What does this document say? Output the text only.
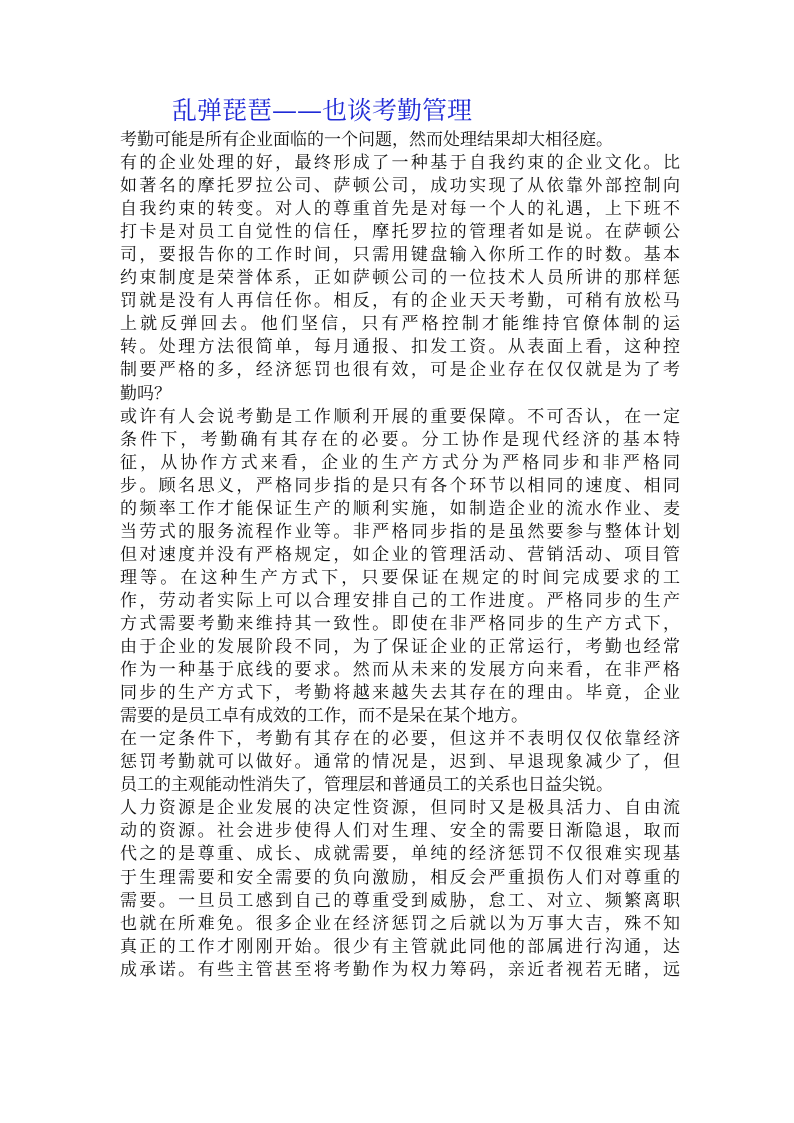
乱弹琵琶——也谈考勤管理
考勤可能是所有企业面临的一个问题，然而处理结果却大相径庭。
有的企业处理的好，最终形成了一种基于自我约束的企业文化。比
如著名的摩托罗拉公司、萨顿公司，成功实现了从依靠外部控制向
自我约束的转变。对人的尊重首先是对每一个人的礼遇，上下班不
打卡是对员工自觉性的信任，摩托罗拉的管理者如是说。在萨顿公
司，要报告你的工作时间，只需用键盘输入你所工作的时数。基本
约束制度是荣誉体系，正如萨顿公司的一位技术人员所讲的那样惩
罚就是没有人再信任你。相反，有的企业天天考勤，可稍有放松马
上就反弹回去。他们坚信，只有严格控制才能维持官僚体制的运
转。处理方法很简单，每月通报、扣发工资。从表面上看，这种控
制要严格的多，经济惩罚也很有效，可是企业存在仅仅就是为了考
勤吗？
或许有人会说考勤是工作顺利开展的重要保障。不可否认，在一定
条件下，考勤确有其存在的必要。分工协作是现代经济的基本特
征，从协作方式来看，企业的生产方式分为严格同步和非严格同
步。顾名思义，严格同步指的是只有各个环节以相同的速度、相同
的频率工作才能保证生产的顺利实施，如制造企业的流水作业、麦
当劳式的服务流程作业等。非严格同步指的是虽然要参与整体计划
但对速度并没有严格规定，如企业的管理活动、营销活动、项目管
理等。在这种生产方式下，只要保证在规定的时间完成要求的工
作，劳动者实际上可以合理安排自己的工作进度。严格同步的生产
方式需要考勤来维持其一致性。即使在非严格同步的生产方式下，
由于企业的发展阶段不同，为了保证企业的正常运行，考勤也经常
作为一种基于底线的要求。然而从未来的发展方向来看，在非严格
同步的生产方式下，考勤将越来越失去其存在的理由。毕竟，企业
需要的是员工卓有成效的工作，而不是呆在某个地方。
在一定条件下，考勤有其存在的必要，但这并不表明仅仅依靠经济
惩罚考勤就可以做好。通常的情况是，迟到、早退现象减少了，但
员工的主观能动性消失了，管理层和普通员工的关系也日益尖锐。
人力资源是企业发展的决定性资源，但同时又是极具活力、自由流
动的资源。社会进步使得人们对生理、安全的需要日渐隐退，取而
代之的是尊重、成长、成就需要，单纯的经济惩罚不仅很难实现基
于生理需要和安全需要的负向激励，相反会严重损伤人们对尊重的
需要。一旦员工感到自己的尊重受到威胁，怠工、对立、频繁离职
也就在所难免。很多企业在经济惩罚之后就以为万事大吉，殊不知
真正的工作才刚刚开始。很少有主管就此同他的部属进行沟通，达
成承诺。有些主管甚至将考勤作为权力筹码，亲近者视若无睹，远
